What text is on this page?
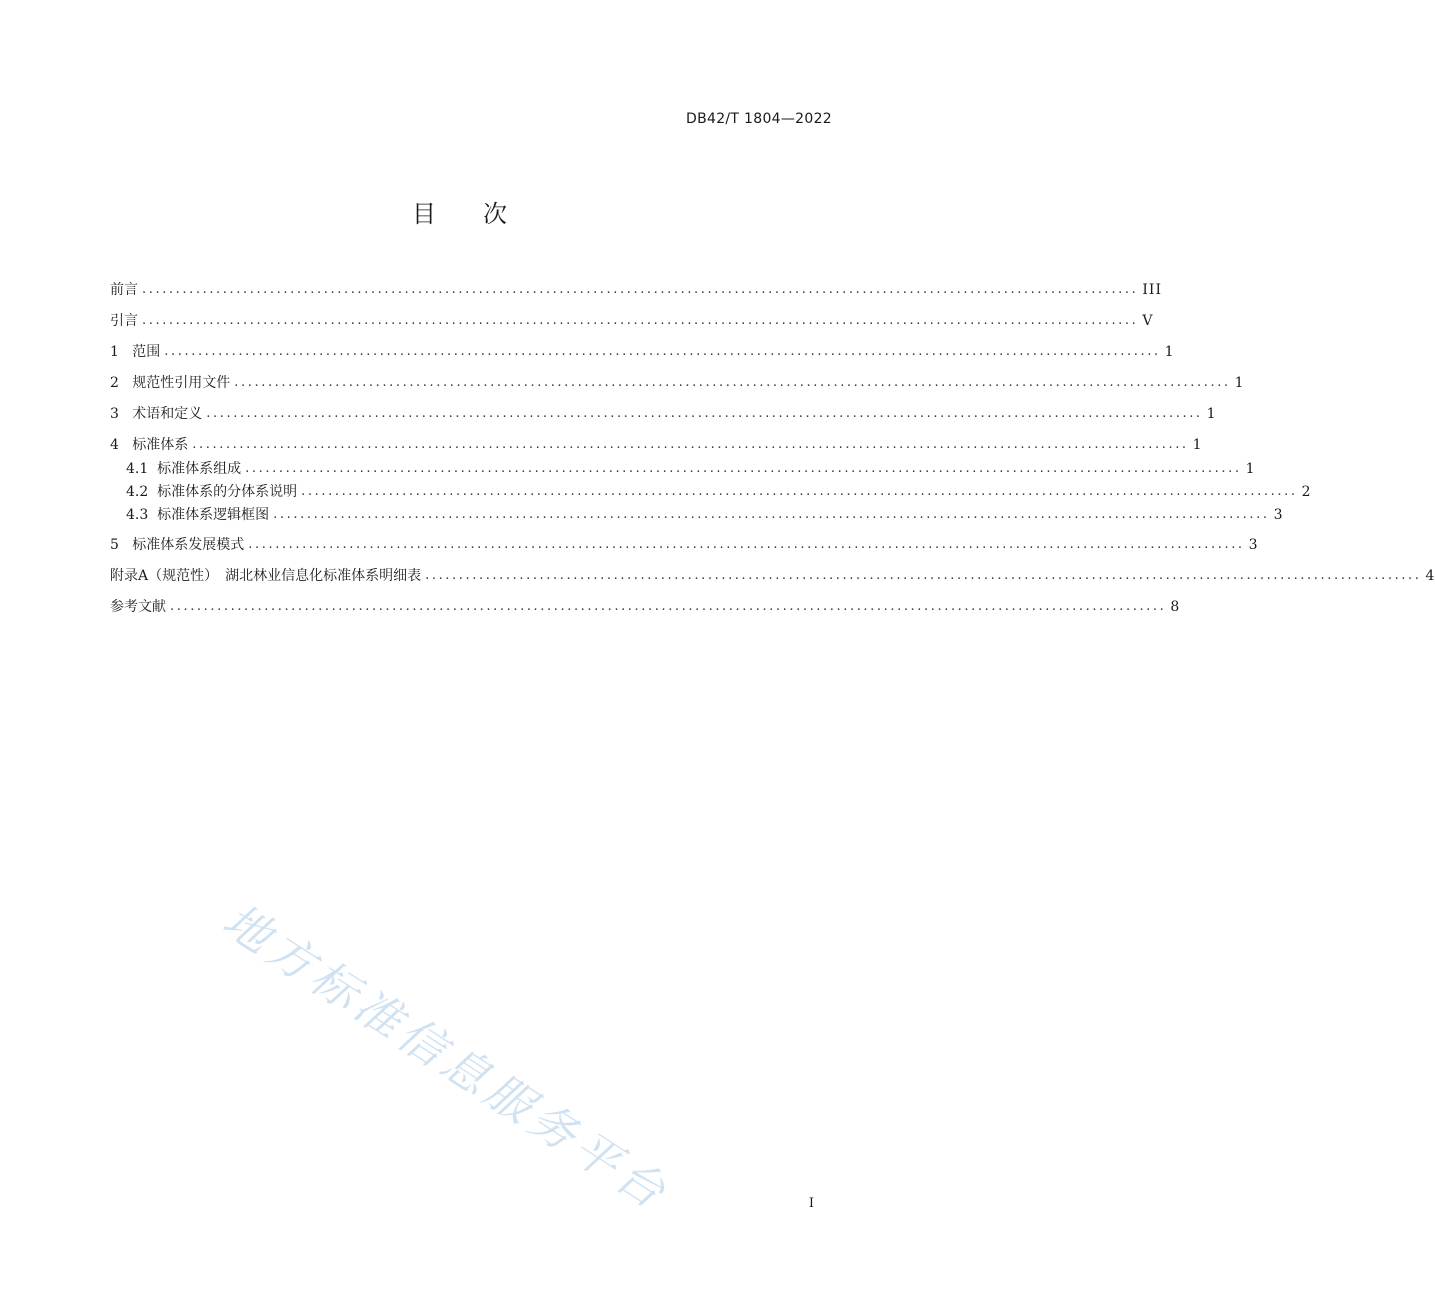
DB42/T 1804—2022
目 次
前言 .................................................................................................................................................... III
引言 .................................................................................................................................................... V
1
范围 .................................................................................................................................................... 1
2
规范性引用文件 .................................................................................................................................................... 1
3
术语和定义 .................................................................................................................................................... 1
4
标准体系 .................................................................................................................................................... 1
4.1
标准体系组成 .................................................................................................................................................... 1
4.2
标准体系的分体系说明 .................................................................................................................................................... 2
4.3
标准体系逻辑框图 .................................................................................................................................................... 3
5
标准体系发展模式 .................................................................................................................................................... 3
附录A（规范性）　湖北林业信息化标准体系明细表 .................................................................................................................................................... 4
参考文献 .................................................................................................................................................... 8
地方标准信息服务平台	I
